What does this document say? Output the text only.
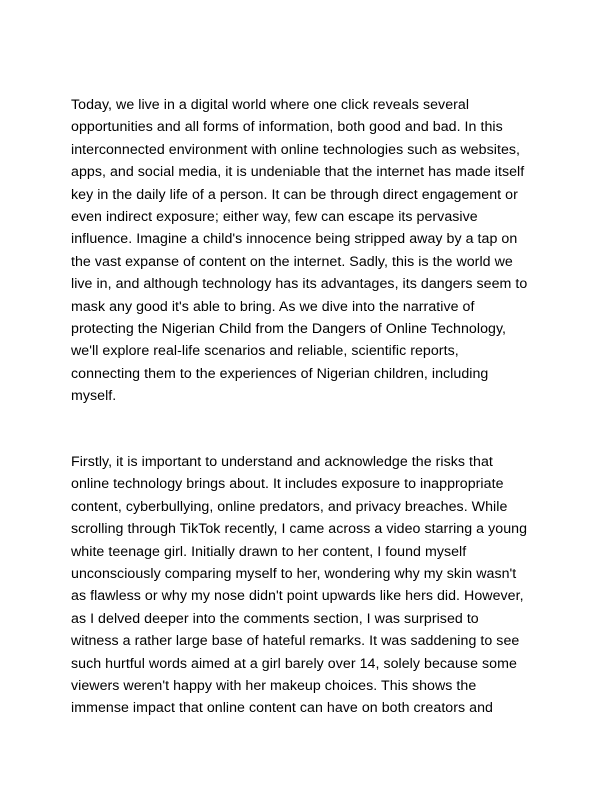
Today, we live in a digital world where one click reveals several
opportunities and all forms of information, both good and bad. In this
interconnected environment with online technologies such as websites,
apps, and social media, it is undeniable that the internet has made itself
key in the daily life of a person. It can be through direct engagement or
even indirect exposure; either way, few can escape its pervasive
influence. Imagine a child's innocence being stripped away by a tap on
the vast expanse of content on the internet. Sadly, this is the world we
live in, and although technology has its advantages, its dangers seem to
mask any good it's able to bring. As we dive into the narrative of
protecting the Nigerian Child from the Dangers of Online Technology,
we'll explore real-life scenarios and reliable, scientific reports,
connecting them to the experiences of Nigerian children, including
myself.

Firstly, it is important to understand and acknowledge the risks that
online technology brings about. It includes exposure to inappropriate
content, cyberbullying, online predators, and privacy breaches. While
scrolling through TikTok recently, I came across a video starring a young
white teenage girl. Initially drawn to her content, I found myself
unconsciously comparing myself to her, wondering why my skin wasn't
as flawless or why my nose didn't point upwards like hers did. However,
as I delved deeper into the comments section, I was surprised to
witness a rather large base of hateful remarks. It was saddening to see
such hurtful words aimed at a girl barely over 14, solely because some
viewers weren't happy with her makeup choices. This shows the
immense impact that online content can have on both creators and
